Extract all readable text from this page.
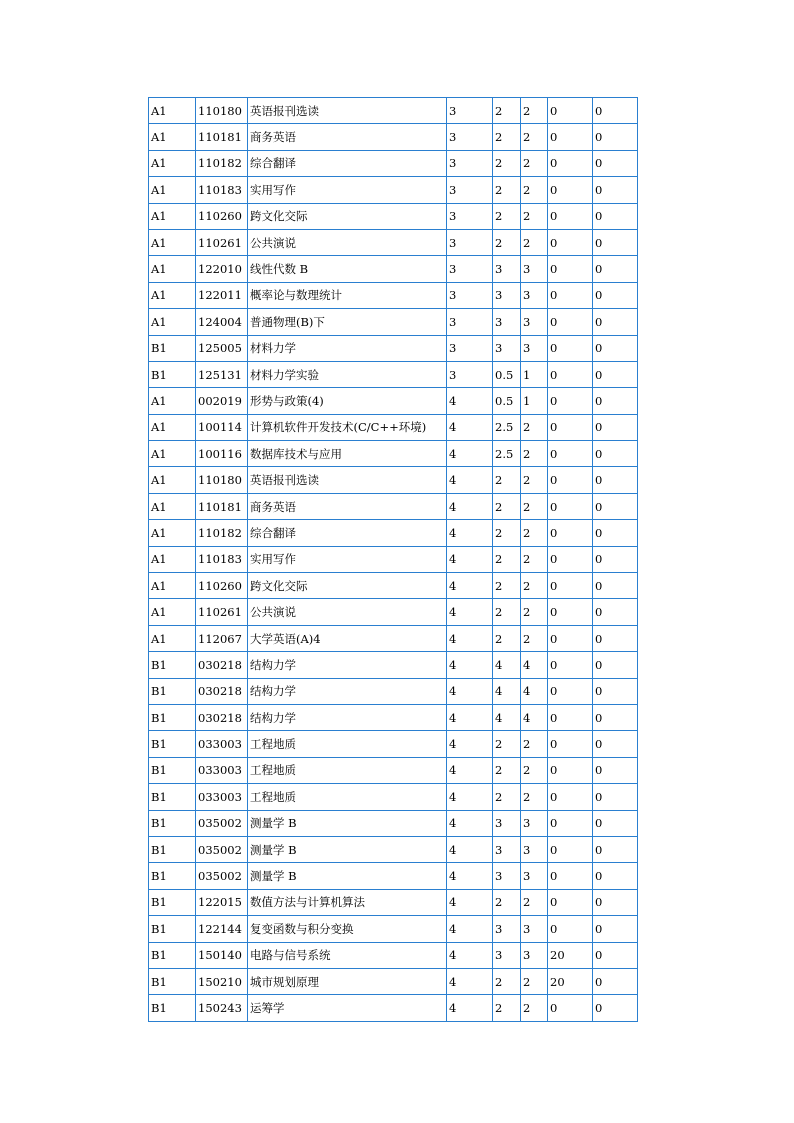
A1	110180	英语报刊选读	3	2	2	0	0
A1	110181	商务英语	3	2	2	0	0
A1	110182	综合翻译	3	2	2	0	0
A1	110183	实用写作	3	2	2	0	0
A1	110260	跨文化交际	3	2	2	0	0
A1	110261	公共演说	3	2	2	0	0
A1	122010	线性代数 B	3	3	3	0	0
A1	122011	概率论与数理统计	3	3	3	0	0
A1	124004	普通物理(B)下	3	3	3	0	0
B1	125005	材料力学	3	3	3	0	0
B1	125131	材料力学实验	3	0.5	1	0	0
A1	002019	形势与政策(4)	4	0.5	1	0	0
A1	100114	计算机软件开发技术(C/C++环境)	4	2.5	2	0	0
A1	100116	数据库技术与应用	4	2.5	2	0	0
A1	110180	英语报刊选读	4	2	2	0	0
A1	110181	商务英语	4	2	2	0	0
A1	110182	综合翻译	4	2	2	0	0
A1	110183	实用写作	4	2	2	0	0
A1	110260	跨文化交际	4	2	2	0	0
A1	110261	公共演说	4	2	2	0	0
A1	112067	大学英语(A)4	4	2	2	0	0
B1	030218	结构力学	4	4	4	0	0
B1	030218	结构力学	4	4	4	0	0
B1	030218	结构力学	4	4	4	0	0
B1	033003	工程地质	4	2	2	0	0
B1	033003	工程地质	4	2	2	0	0
B1	033003	工程地质	4	2	2	0	0
B1	035002	测量学 B	4	3	3	0	0
B1	035002	测量学 B	4	3	3	0	0
B1	035002	测量学 B	4	3	3	0	0
B1	122015	数值方法与计算机算法	4	2	2	0	0
B1	122144	复变函数与积分变换	4	3	3	0	0
B1	150140	电路与信号系统	4	3	3	20	0
B1	150210	城市规划原理	4	2	2	20	0
B1	150243	运筹学	4	2	2	0	0
